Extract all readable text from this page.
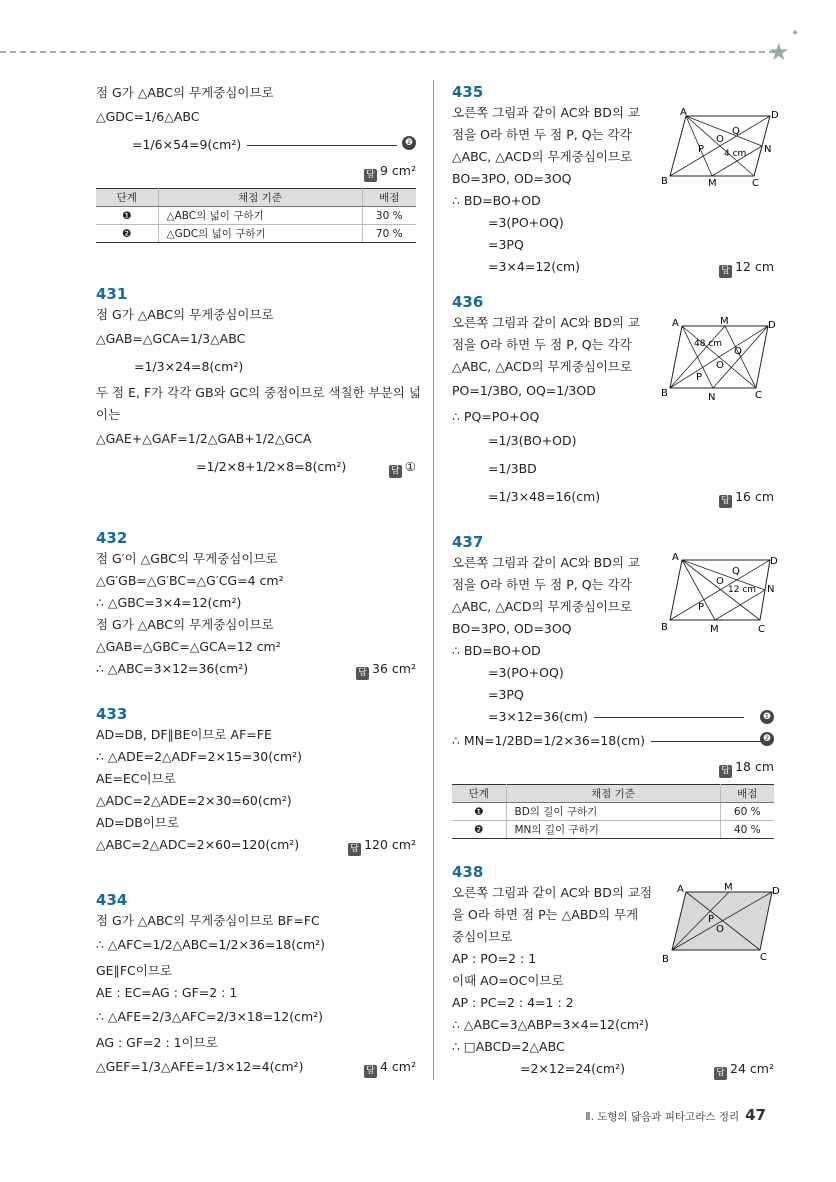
★
✦
점 G가 △ABC의 무게중심이므로
△GDC=1/6△ABC
=1/6×54=9(cm²)	❷
답 9 cm²
단계	채점 기준	배점
❶	△ABC의 넓이 구하기	30 %
❷	△GDC의 넓이 구하기	70 %
431
점 G가 △ABC의 무게중심이므로
△GAB=△GCA=1/3△ABC
=1/3×24=8(cm²)
두 점 E, F가 각각 GB와 GC의 중점이므로 색칠한 부분의 넓
이는
△GAE+△GAF=1/2△GAB+1/2△GCA
=1/2×8+1/2×8=8(cm²)	답 ①
432
점 G′이 △GBC의 무게중심이므로
△G′GB=△G′BC=△G′CG=4 cm²
∴ △GBC=3×4=12(cm²)
점 G가 △ABC의 무게중심이므로
△GAB=△GBC=△GCA=12 cm²
∴ △ABC=3×12=36(cm²)	답 36 cm²
433
AD=DB, DF∥BE이므로 AF=FE
∴ △ADE=2△ADF=2×15=30(cm²)
AE=EC이므로
△ADC=2△ADE=2×30=60(cm²)
AD=DB이므로
△ABC=2△ADC=2×60=120(cm²)	답 120 cm²
434
점 G가 △ABC의 무게중심이므로 BF=FC
∴ △AFC=1/2△ABC=1/2×36=18(cm²)
GE∥FC이므로
AE : EC=AG : GF=2 : 1
∴ △AFE=2/3△AFC=2/3×18=12(cm²)
AG : GF=2 : 1이므로
△GEF=1/3△AFE=1/3×12=4(cm²)	답 4 cm²
435
오른쪽 그림과 같이 AC와 BD의 교
점을 O라 하면 두 점 P, Q는 각각
△ABC, △ACD의 무게중심이므로
BO=3PO, OD=3OQ
∴ BD=BO+OD
=3(PO+OQ)
=3PQ
=3×4=12(cm)	답 12 cm
A	D
B	C
M
N
P
Q
O
4 cm
436
오른쪽 그림과 같이 AC와 BD의 교
점을 O라 하면 두 점 P, Q는 각각
△ABC, △ACD의 무게중심이므로
PO=1/3BO, OQ=1/3OD
∴ PQ=PO+OQ
=1/3(BO+OD)
=1/3BD
=1/3×48=16(cm)	답 16 cm
A	D
B	C
M
N
P
Q
O
48 cm
437
오른쪽 그림과 같이 AC와 BD의 교
점을 O라 하면 두 점 P, Q는 각각
△ABC, △ACD의 무게중심이므로
BO=3PO, OD=3OQ
∴ BD=BO+OD
=3(PO+OQ)
=3PQ
=3×12=36(cm)	❶
∴ MN=1/2BD=1/2×36=18(cm)	❷
답 18 cm
단계	채점 기준	배점
❶	BD의 길이 구하기	60 %
❷	MN의 길이 구하기	40 %
A	D
B	C
M
N
P
Q
O
12 cm
438
오른쪽 그림과 같이 AC와 BD의 교점
을 O라 하면 점 P는 △ABD의 무게
중심이므로
AP : PO=2 : 1
이때 AO=OC이므로
AP : PC=2 : 4=1 : 2
∴ △ABC=3△ABP=3×4=12(cm²)
∴ □ABCD=2△ABC
=2×12=24(cm²)	답 24 cm²
A	D
B	C
M
P
O
Ⅱ. 도형의 닮음과 피타고라스 정리 47
